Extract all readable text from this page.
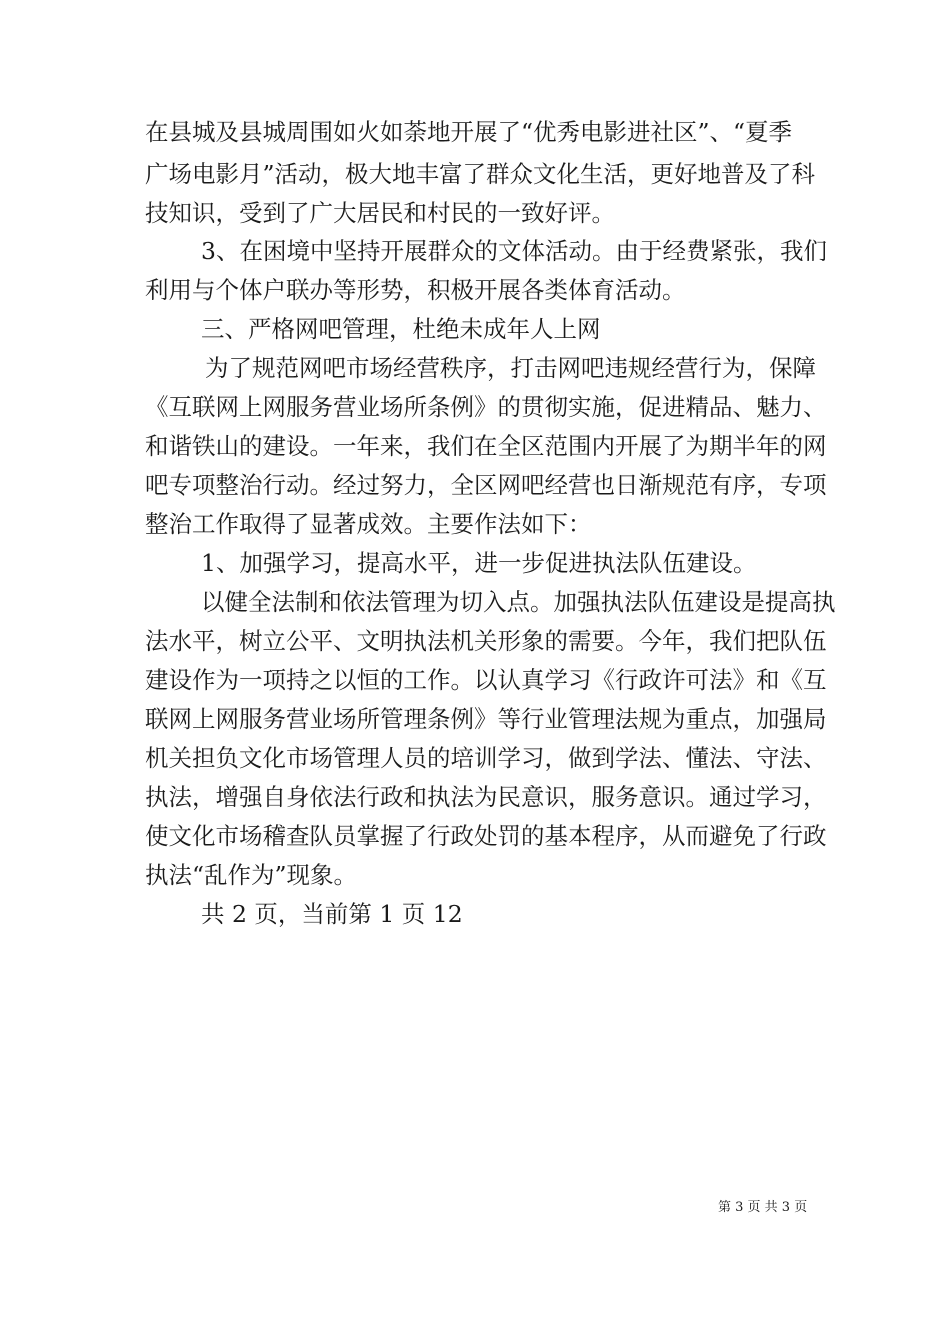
在县城及县城周围如火如荼地开展了“优秀电影进社区”、“夏季

广场电影月”活动，极大地丰富了群众文化生活，更好地普及了科

技知识，受到了广大居民和村民的一致好评。

3、在困境中坚持开展群众的文体活动。由于经费紧张，我们

利用与个体户联办等形势，积极开展各类体育活动。

三、严格网吧管理，杜绝未成年人上网

为了规范网吧市场经营秩序，打击网吧违规经营行为，保障

《互联网上网服务营业场所条例》的贯彻实施，促进精品、魅力、

和谐铁山的建设。一年来，我们在全区范围内开展了为期半年的网

吧专项整治行动。经过努力，全区网吧经营也日渐规范有序，专项

整治工作取得了显著成效。主要作法如下：

1、加强学习，提高水平，进一步促进执法队伍建设。

以健全法制和依法管理为切入点。加强执法队伍建设是提高执

法水平，树立公平、文明执法机关形象的需要。今年，我们把队伍

建设作为一项持之以恒的工作。以认真学习《行政许可法》和《互

联网上网服务营业场所管理条例》等行业管理法规为重点，加强局

机关担负文化市场管理人员的培训学习，做到学法、懂法、守法、

执法，增强自身依法行政和执法为民意识，服务意识。通过学习，

使文化市场稽查队员掌握了行政处罚的基本程序，从而避免了行政

执法“乱作为”现象。

共 2 页，当前第 1 页 12

第 3 页 共 3 页
